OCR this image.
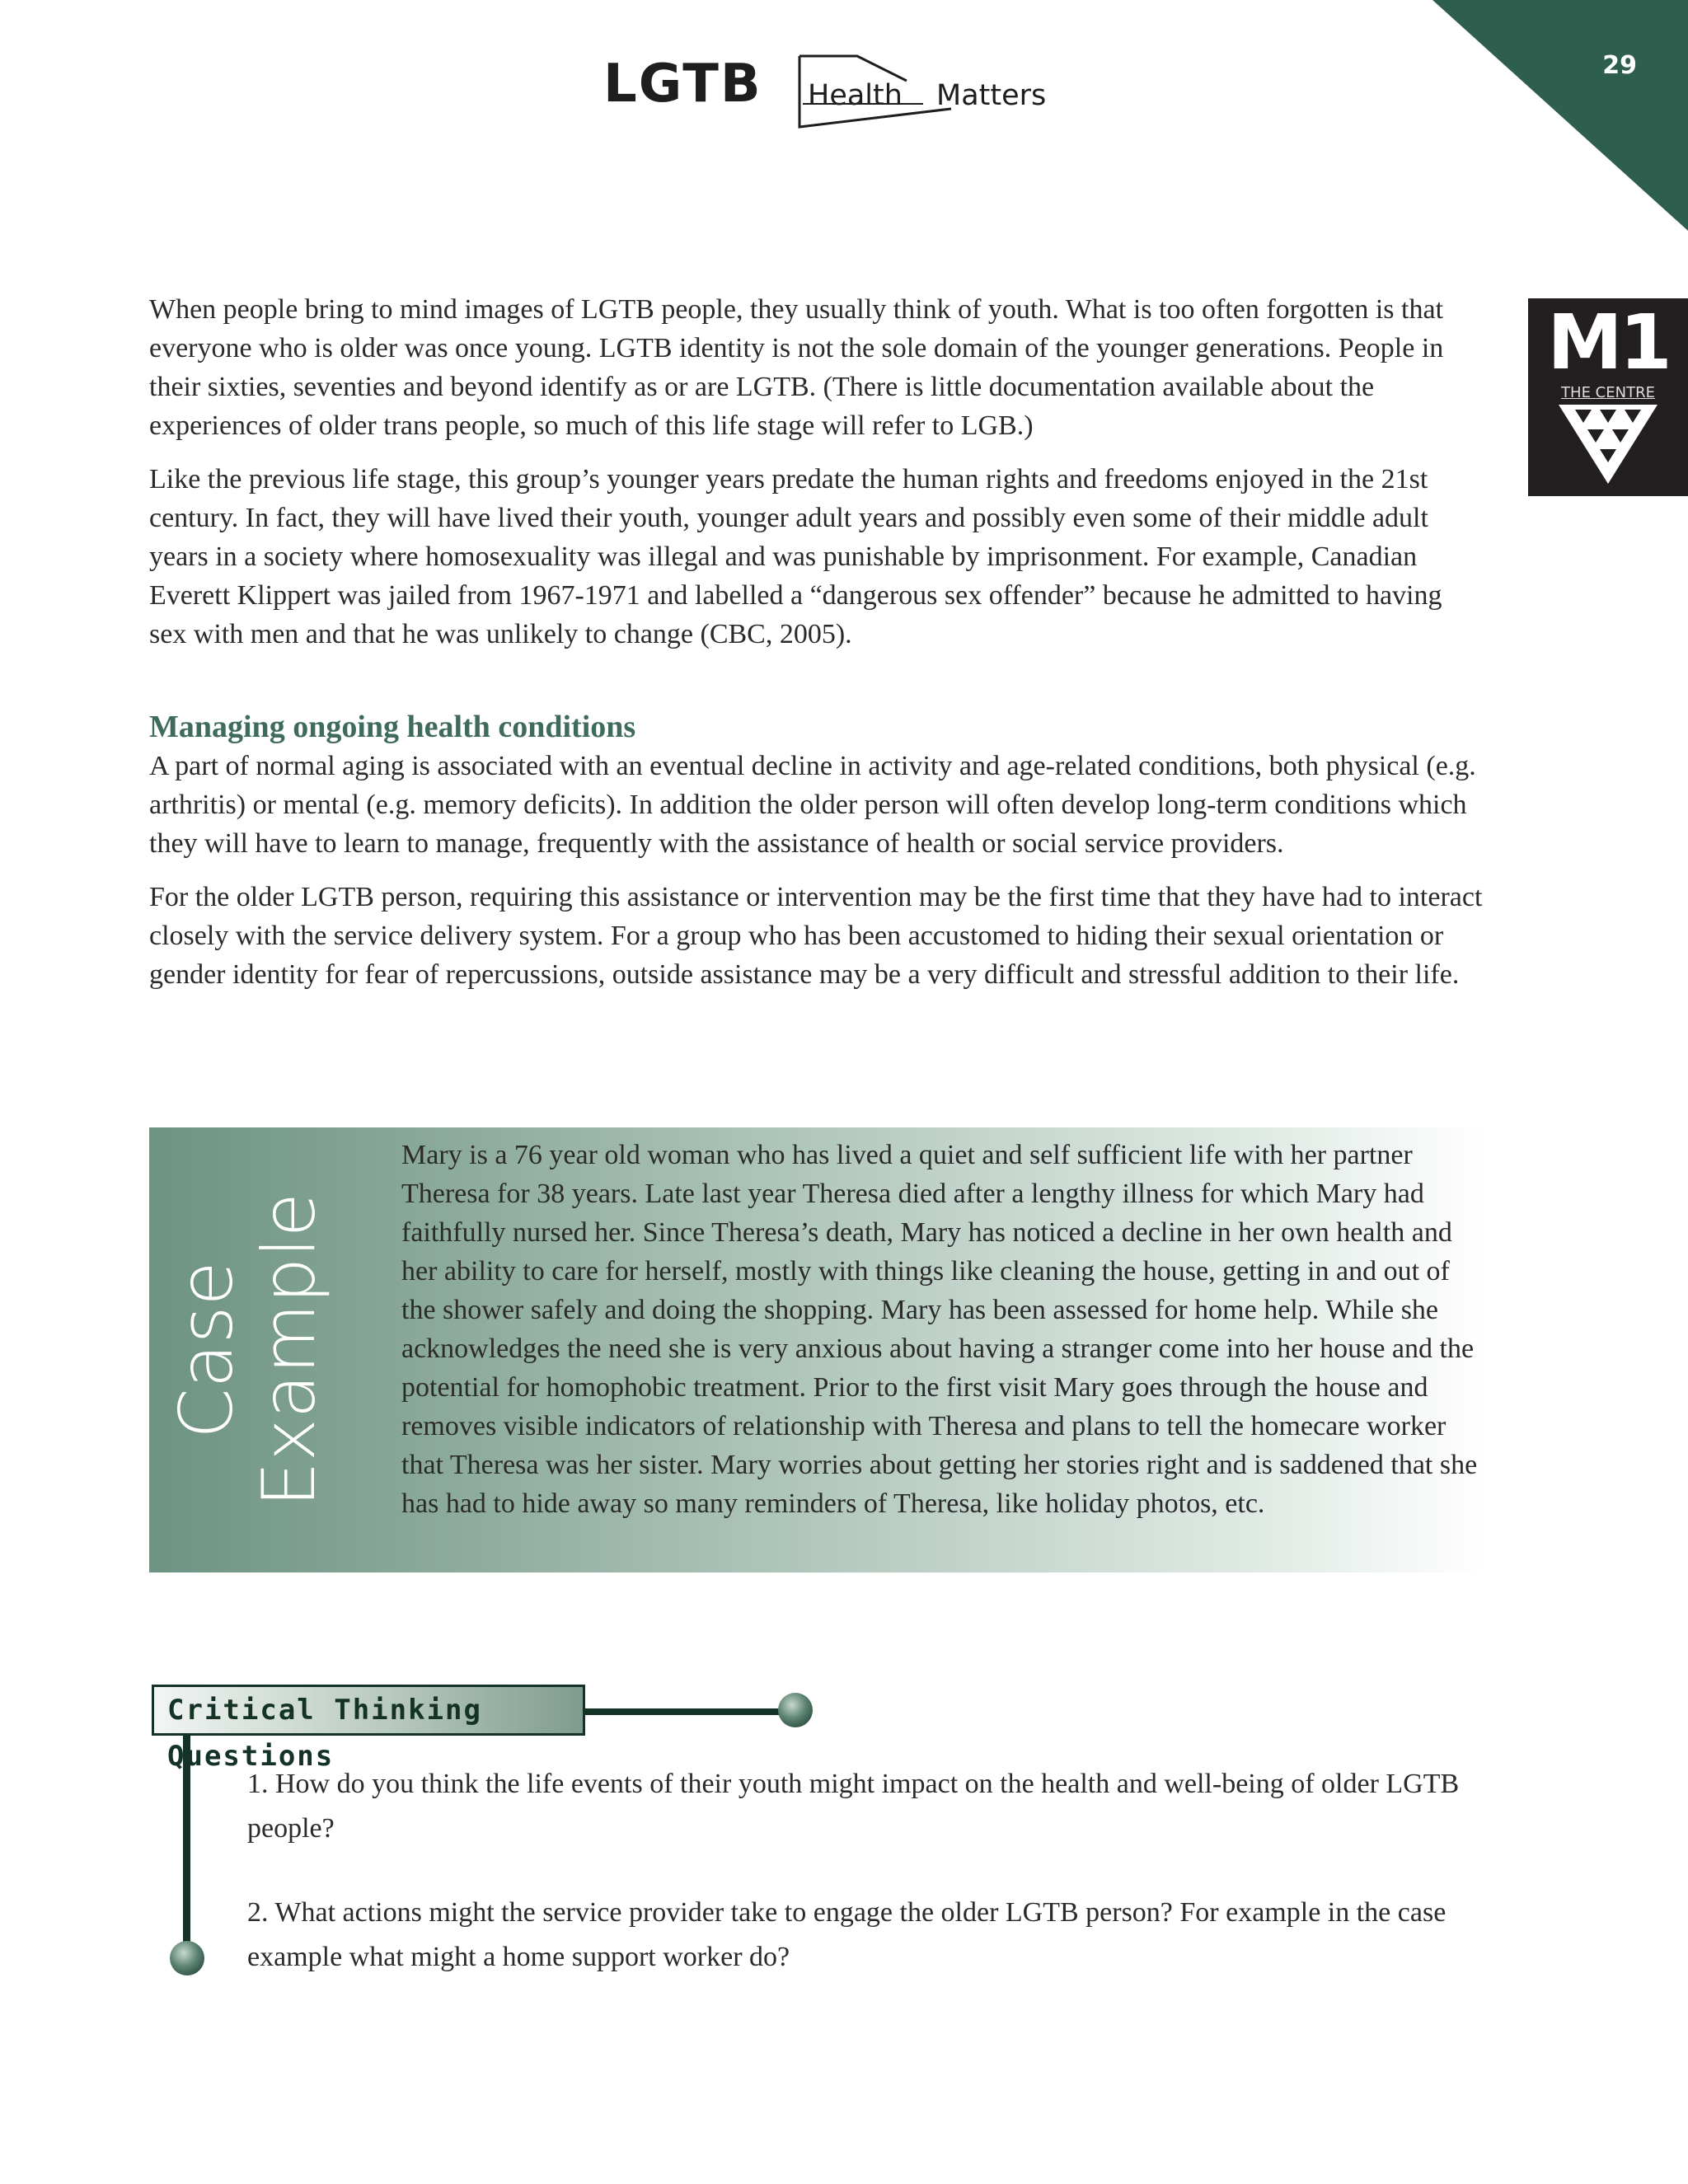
29
LGTB Health Matters
M1
THE CENTRE

When people bring to mind images of LGTB people, they usually think of youth. What is too often forgotten is that everyone who is older was once young. LGTB identity is not the sole domain of the younger generations. People in their sixties, seventies and beyond identify as or are LGTB. (There is little documentation available about the experiences of older trans people, so much of this life stage will refer to LGB.)

Like the previous life stage, this group’s younger years predate the human rights and freedoms enjoyed in the 21st century. In fact, they will have lived their youth, younger adult years and possibly even some of their middle adult years in a society where homosexuality was illegal and was punishable by imprisonment. For example, Canadian Everett Klippert was jailed from 1967-1971 and labelled a “dangerous sex offender” because he admitted to having sex with men and that he was unlikely to change (CBC, 2005).

Managing ongoing health conditions

A part of normal aging is associated with an eventual decline in activity and age-related conditions, both physical (e.g. arthritis) or mental (e.g. memory deficits). In addition the older person will often develop long-term conditions which they will have to learn to manage, frequently with the assistance of health or social service providers.

For the older LGTB person, requiring this assistance or intervention may be the first time that they have had to interact closely with the service delivery system. For a group who has been accustomed to hiding their sexual orientation or gender identity for fear of repercussions, outside assistance may be a very difficult and stressful addition to their life.

Case
Example

Mary is a 76 year old woman who has lived a quiet and self sufficient life with her partner Theresa for 38 years. Late last year Theresa died after a lengthy illness for which Mary had faithfully nursed her. Since Theresa’s death, Mary has noticed a decline in her own health and her ability to care for herself, mostly with things like cleaning the house, getting in and out of the shower safely and doing the shopping. Mary has been assessed for home help. While she acknowledges the need she is very anxious about having a stranger come into her house and the potential for homophobic treatment. Prior to the first visit Mary goes through the house and removes visible indicators of relationship with Theresa and plans to tell the homecare worker that Theresa was her sister. Mary worries about getting her stories right and is saddened that she has had to hide away so many reminders of Theresa, like holiday photos, etc.

Critical Thinking Questions

1. How do you think the life events of their youth might impact on the health and well-being of older LGTB people?

2. What actions might the service provider take to engage the older LGTB person? For example in the case example what might a home support worker do?
